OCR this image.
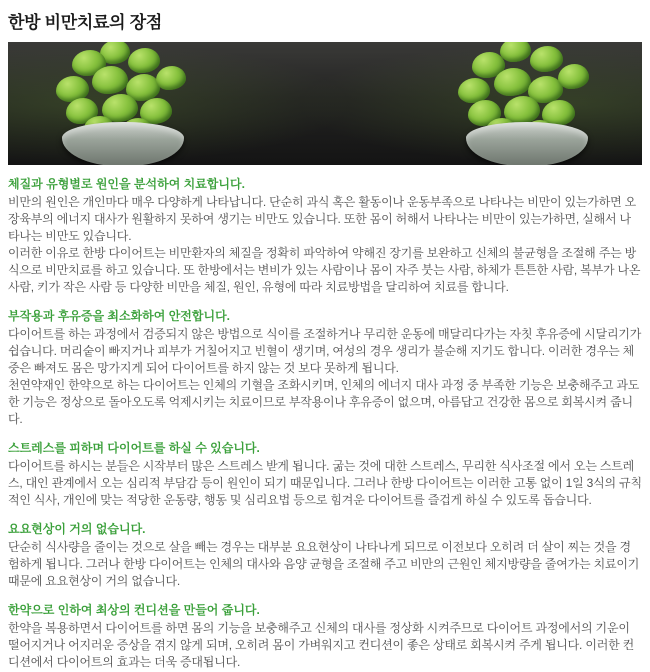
한방 비만치료의 장점

체질과 유형별로 원인을 분석하여 치료합니다.

비만의 원인은 개인마다 매우 다양하게 나타납니다. 단순히 과식 혹은 활동이나 운동부족으로 나타나는 비만이 있는가하면 오장육부의 에너지 대사가 원활하지 못하여 생기는 비만도 있습니다. 또한 몸이 허해서 나타나는 비만이 있는가하면, 실해서 나타나는 비만도 있습니다.

이러한 이유로 한방 다이어트는 비만환자의 체질을 정확히 파악하여 약해진 장기를 보완하고 신체의 불균형을 조절해 주는 방식으로 비만치료를 하고 있습니다. 또 한방에서는 변비가 있는 사람이나 몸이 자주 붓는 사람, 하체가 튼튼한 사람, 복부가 나온 사람, 키가 작은 사람 등 다양한 비만을 체질, 원인, 유형에 따라 치료방법을 달리하여 치료를 합니다.

부작용과 후유증을 최소화하여 안전합니다.

다이어트를 하는 과정에서 검증되지 않은 방법으로 식이를 조절하거나 무리한 운동에 매달리다가는 자칫 후유증에 시달리기가 쉽습니다. 머리숱이 빠지거나 피부가 거칠어지고 빈혈이 생기며, 여성의 경우 생리가 불순해 지기도 합니다. 이러한 경우는 체중은 빠져도 몸은 망가지게 되어 다이어트를 하지 않는 것 보다 못하게 됩니다.

천연약재인 한약으로 하는 다이어트는 인체의 기혈을 조화시키며, 인체의 에너지 대사 과정 중 부족한 기능은 보충해주고 과도한 기능은 정상으로 돌아오도록 억제시키는 치료이므로 부작용이나 후유증이 없으며, 아름답고 건강한 몸으로 회복시켜 줍니다.

스트레스를 피하며 다이어트를 하실 수 있습니다.

다이어트를 하시는 분들은 시작부터 많은 스트레스 받게 됩니다. 굶는 것에 대한 스트레스, 무리한 식사조절 에서 오는 스트레스, 대인 관계에서 오는 심리적 부담감 등이 원인이 되기 때문입니다. 그러나 한방 다이어트는 이러한 고통 없이 1일 3식의 규칙적인 식사, 개인에 맞는 적당한 운동량, 행동 및 심리요법 등으로 힘겨운 다이어트를 즐겁게 하실 수 있도록 돕습니다.

요요현상이 거의 없습니다.

단순히 식사량을 줄이는 것으로 살을 빼는 경우는 대부분 요요현상이 나타나게 되므로 이전보다 오히려 더 살이 찌는 것을 경험하게 됩니다. 그러나 한방 다이어트는 인체의 대사와 음양 균형을 조절해 주고 비만의 근원인 체지방량을 줄여가는 치료이기 때문에 요요현상이 거의 없습니다.

한약으로 인하여 최상의 컨디션을 만들어 줍니다.

한약을 복용하면서 다이어트를 하면 몸의 기능을 보충해주고 신체의 대사를 정상화 시켜주므로 다이어트 과정에서의 기운이 떨어지거나 어지러운 증상을 겪지 않게 되며, 오히려 몸이 가벼워지고 컨디션이 좋은 상태로 회복시켜 주게 됩니다. 이러한 컨디션에서 다이어트의 효과는 더욱 증대됩니다.
